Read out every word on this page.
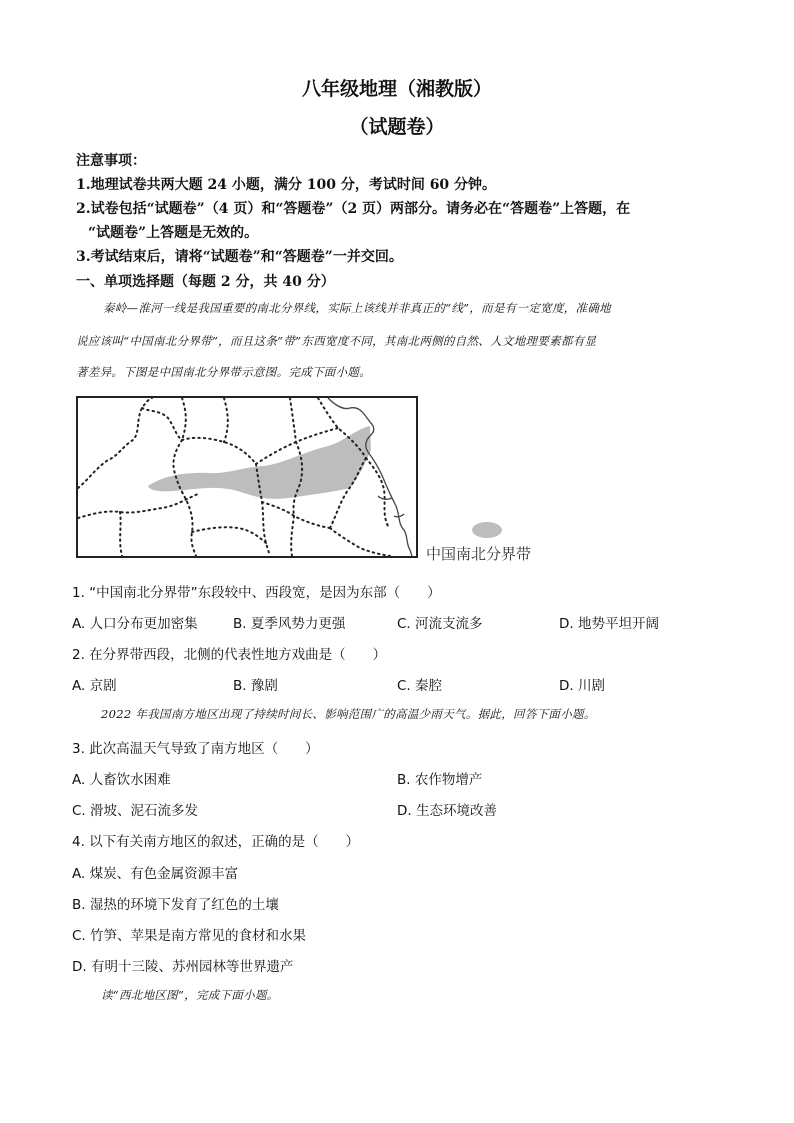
八年级地理（湘教版）
（试题卷）
注意事项：
1.地理试卷共两大题 24 小题，满分 100 分，考试时间 60 分钟。
2.试卷包括“试题卷”（4 页）和“答题卷”（2 页）两部分。请务必在“答题卷”上答题，在
“试题卷”上答题是无效的。
3.考试结束后，请将“试题卷”和“答题卷”一并交回。
一、单项选择题（每题 2 分，共 40 分）
秦岭—淮河一线是我国重要的南北分界线，实际上该线并非真正的“线”，而是有一定宽度，准确地
说应该叫“中国南北分界带”，而且这条“带”东西宽度不同，其南北两侧的自然、人文地理要素都有显
著差异。下图是中国南北分界带示意图。完成下面小题。
中国南北分界带
1. “中国南北分界带”东段较中、西段宽，是因为东部（　　）
A. 人口分布更加密集	B. 夏季风势力更强	C. 河流支流多	D. 地势平坦开阔
2. 在分界带西段，北侧的代表性地方戏曲是（　　）
A. 京剧	B. 豫剧	C. 秦腔	D. 川剧
2022 年我国南方地区出现了持续时间长、影响范围广的高温少雨天气。据此，回答下面小题。
3. 此次高温天气导致了南方地区（　　）
A. 人畜饮水困难	B. 农作物增产
C. 滑坡、泥石流多发	D. 生态环境改善
4. 以下有关南方地区的叙述，正确的是（　　）
A. 煤炭、有色金属资源丰富
B. 湿热的环境下发育了红色的土壤
C. 竹笋、苹果是南方常见的食材和水果
D. 有明十三陵、苏州园林等世界遗产
读“西北地区图”，完成下面小题。
